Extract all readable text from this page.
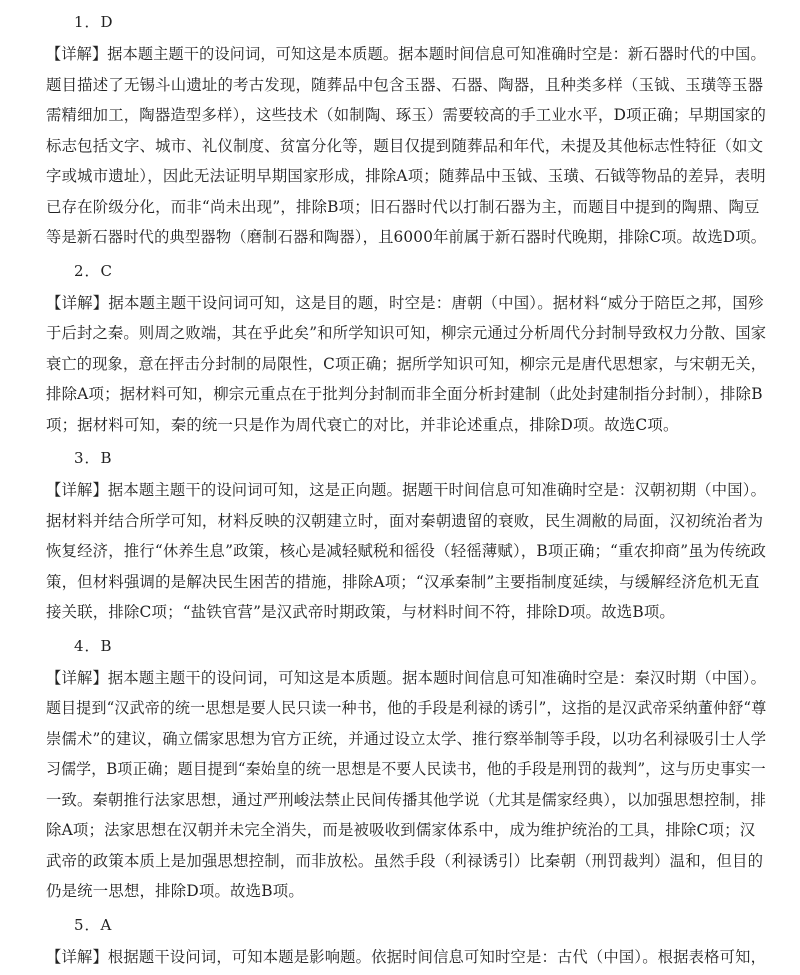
1．D

【详解】据本题主题干的设问词，可知这是本质题。据本题时间信息可知准确时空是：新石器时代的中国。
题目描述了无锡斗山遗址的考古发现，随葬品中包含玉器、石器、陶器，且种类多样（玉钺、玉璜等玉器
需精细加工，陶器造型多样），这些技术（如制陶、琢玉）需要较高的手工业水平，D项正确；早期国家的
标志包括文字、城市、礼仪制度、贫富分化等，题目仅提到随葬品和年代，未提及其他标志性特征（如文
字或城市遗址），因此无法证明早期国家形成，排除A项；随葬品中玉钺、玉璜、石钺等物品的差异，表明
已存在阶级分化，而非“尚未出现”，排除B项；旧石器时代以打制石器为主，而题目中提到的陶鼎、陶豆
等是新石器时代的典型器物（磨制石器和陶器），且6000年前属于新石器时代晚期，排除C项。故选D项。

2．C

【详解】据本题主题干设问词可知，这是目的题，时空是：唐朝（中国）。据材料“威分于陪臣之邦，国殄
于后封之秦。则周之败端，其在乎此矣”和所学知识可知，柳宗元通过分析周代分封制导致权力分散、国家
衰亡的现象，意在抨击分封制的局限性，C项正确；据所学知识可知，柳宗元是唐代思想家，与宋朝无关，
排除A项；据材料可知，柳宗元重点在于批判分封制而非全面分析封建制（此处封建制指分封制），排除B
项；据材料可知，秦的统一只是作为周代衰亡的对比，并非论述重点，排除D项。故选C项。

3．B

【详解】据本题主题干的设问词可知，这是正向题。据题干时间信息可知准确时空是：汉朝初期（中国）。
据材料并结合所学可知，材料反映的汉朝建立时，面对秦朝遗留的衰败，民生凋敝的局面，汉初统治者为
恢复经济，推行“休养生息”政策，核心是减轻赋税和徭役（轻徭薄赋），B项正确；“重农抑商”虽为传统政
策，但材料强调的是解决民生困苦的措施，排除A项；“汉承秦制”主要指制度延续，与缓解经济危机无直
接关联，排除C项；“盐铁官营”是汉武帝时期政策，与材料时间不符，排除D项。故选B项。

4．B

【详解】据本题主题干的设问词，可知这是本质题。据本题时间信息可知准确时空是：秦汉时期（中国）。
题目提到“汉武帝的统一思想是要人民只读一种书，他的手段是利禄的诱引”，这指的是汉武帝采纳董仲舒“尊
崇儒术”的建议，确立儒家思想为官方正统，并通过设立太学、推行察举制等手段，以功名利禄吸引士人学
习儒学，B项正确；题目提到“秦始皇的统一思想是不要人民读书，他的手段是刑罚的裁判”，这与历史事实一
一致。秦朝推行法家思想，通过严刑峻法禁止民间传播其他学说（尤其是儒家经典），以加强思想控制，排
除A项；法家思想在汉朝并未完全消失，而是被吸收到儒家体系中，成为维护统治的工具，排除C项；汉
武帝的政策本质上是加强思想控制，而非放松。虽然手段（利禄诱引）比秦朝（刑罚裁判）温和，但目的
仍是统一思想，排除D项。故选B项。

5．A

【详解】根据题干设问词，可知本题是影响题。依据时间信息可知时空是：古代（中国）。根据表格可知，
